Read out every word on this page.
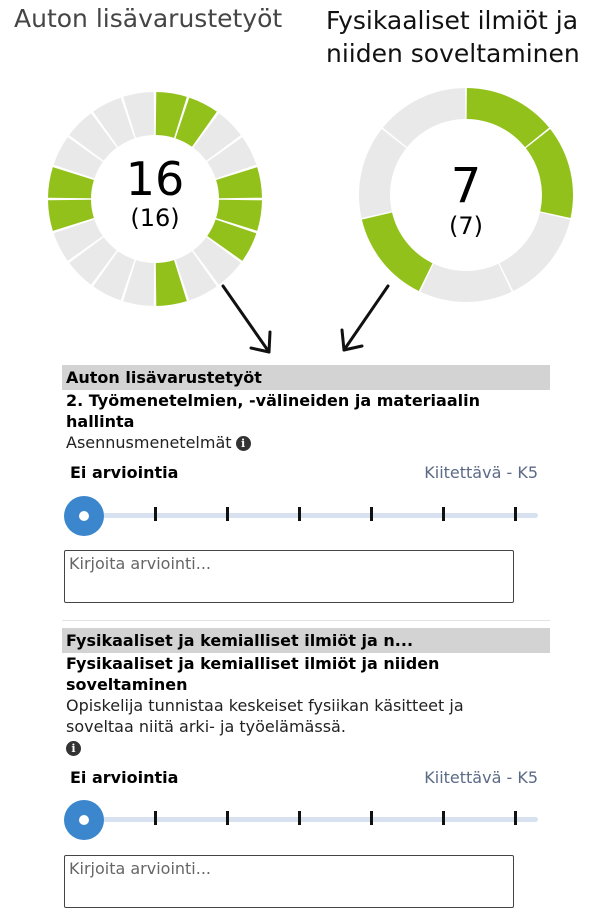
Auton lisävarustetyöt Fysikaaliset ilmiöt ja
niiden soveltaminen
16
(16)
7
(7)
Auton lisävarustetyöt
2. Työmenetelmien, -välineiden ja materiaalin hallinta
Asennusmenetelmät i
Ei arviointia	Kiitettävä - K5
Kirjoita arviointi...
Fysikaaliset ja kemialliset ilmiöt ja n...
Fysikaaliset ja kemialliset ilmiöt ja niiden soveltaminen
Opiskelija tunnistaa keskeiset fysiikan käsitteet ja soveltaa niitä arki- ja työelämässä.
i
Ei arviointia	Kiitettävä - K5
Kirjoita arviointi...
